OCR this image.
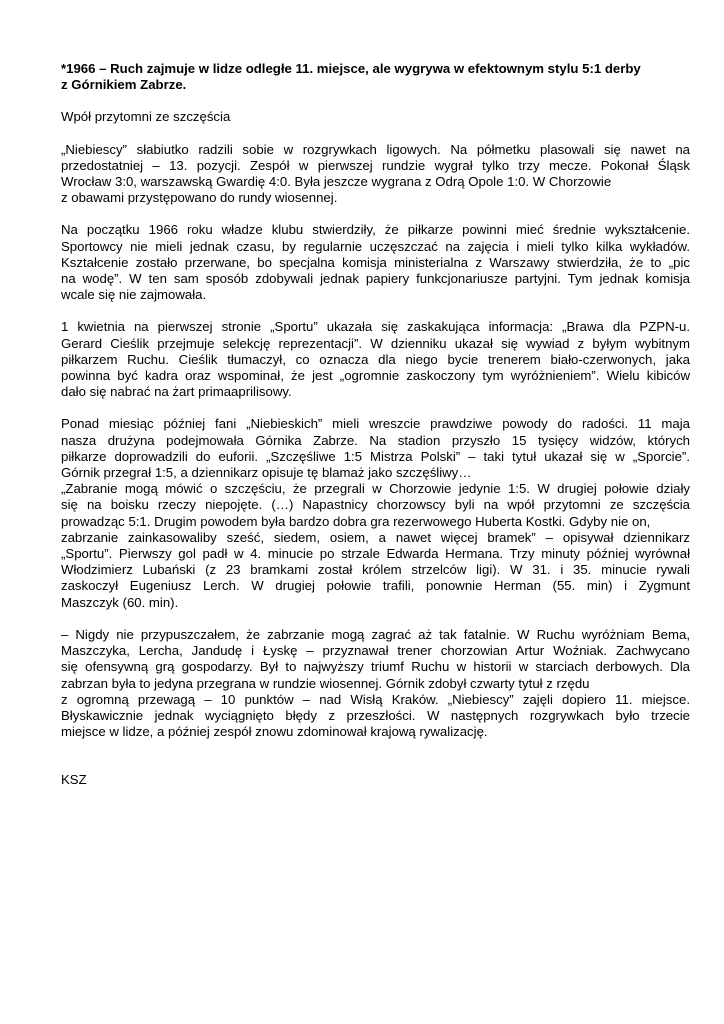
*1966 – Ruch zajmuje w lidze odległe 11. miejsce, ale wygrywa w efektownym stylu 5:1 derby
z Górnikiem Zabrze.

Wpół przytomni ze szczęścia

„Niebiescy” słabiutko radzili sobie w rozgrywkach ligowych. Na półmetku plasowali się nawet na
przedostatniej – 13. pozycji. Zespół w pierwszej rundzie wygrał tylko trzy mecze. Pokonał Śląsk
Wrocław 3:0, warszawską Gwardię 4:0. Była jeszcze wygrana z Odrą Opole 1:0. W Chorzowie
z obawami przystępowano do rundy wiosennej.
Na początku 1966 roku władze klubu stwierdziły, że piłkarze powinni mieć średnie wykształcenie.
Sportowcy nie mieli jednak czasu, by regularnie uczęszczać na zajęcia i mieli tylko kilka wykładów.
Kształcenie zostało przerwane, bo specjalna komisja ministerialna z Warszawy stwierdziła, że to „pic
na wodę”. W ten sam sposób zdobywali jednak papiery funkcjonariusze partyjni. Tym jednak komisja
wcale się nie zajmowała.
1 kwietnia na pierwszej stronie „Sportu” ukazała się zaskakująca informacja: „Brawa dla PZPN-u.
Gerard Cieślik przejmuje selekcję reprezentacji”. W dzienniku ukazał się wywiad z byłym wybitnym
piłkarzem Ruchu. Cieślik tłumaczył, co oznacza dla niego bycie trenerem biało-czerwonych, jaka
powinna być kadra oraz wspominał, że jest „ogromnie zaskoczony tym wyróżnieniem”. Wielu kibiców
dało się nabrać na żart primaaprilisowy.
Ponad miesiąc później fani „Niebieskich” mieli wreszcie prawdziwe powody do radości. 11 maja
nasza drużyna podejmowała Górnika Zabrze. Na stadion przyszło 15 tysięcy widzów, których
piłkarze doprowadzili do euforii. „Szczęśliwe 1:5 Mistrza Polski” – taki tytuł ukazał się w „Sporcie”.
Górnik przegrał 1:5, a dziennikarz opisuje tę blamaż jako szczęśliwy…
„Zabranie mogą mówić o szczęściu, że przegrali w Chorzowie jedynie 1:5. W drugiej połowie działy
się na boisku rzeczy niepojęte. (…) Napastnicy chorzowscy byli na wpół przytomni ze szczęścia
prowadząc 5:1. Drugim powodem była bardzo dobra gra rezerwowego Huberta Kostki. Gdyby nie on,
zabrzanie zainkasowaliby sześć, siedem, osiem, a nawet więcej bramek” – opisywał dziennikarz
„Sportu”. Pierwszy gol padł w 4. minucie po strzale Edwarda Hermana. Trzy minuty później wyrównał
Włodzimierz Lubański (z 23 bramkami został królem strzelców ligi). W 31. i 35. minucie rywali
zaskoczył Eugeniusz Lerch. W drugiej połowie trafili, ponownie Herman (55. min) i Zygmunt
Maszczyk (60. min).
– Nigdy nie przypuszczałem, że zabrzanie mogą zagrać aż tak fatalnie. W Ruchu wyróżniam Bema,
Maszczyka, Lercha, Jandudę i Łyskę – przyznawał trener chorzowian Artur Woźniak. Zachwycano
się ofensywną grą gospodarzy. Był to najwyższy triumf Ruchu w historii w starciach derbowych. Dla
zabrzan była to jedyna przegrana w rundzie wiosennej. Górnik zdobył czwarty tytuł z rzędu
z ogromną przewagą – 10 punktów – nad Wisłą Kraków. „Niebiescy” zajęli dopiero 11. miejsce.
Błyskawicznie jednak wyciągnięto błędy z przeszłości. W następnych rozgrywkach było trzecie
miejsce w lidze, a później zespół znowu zdominował krajową rywalizację.

KSZ
